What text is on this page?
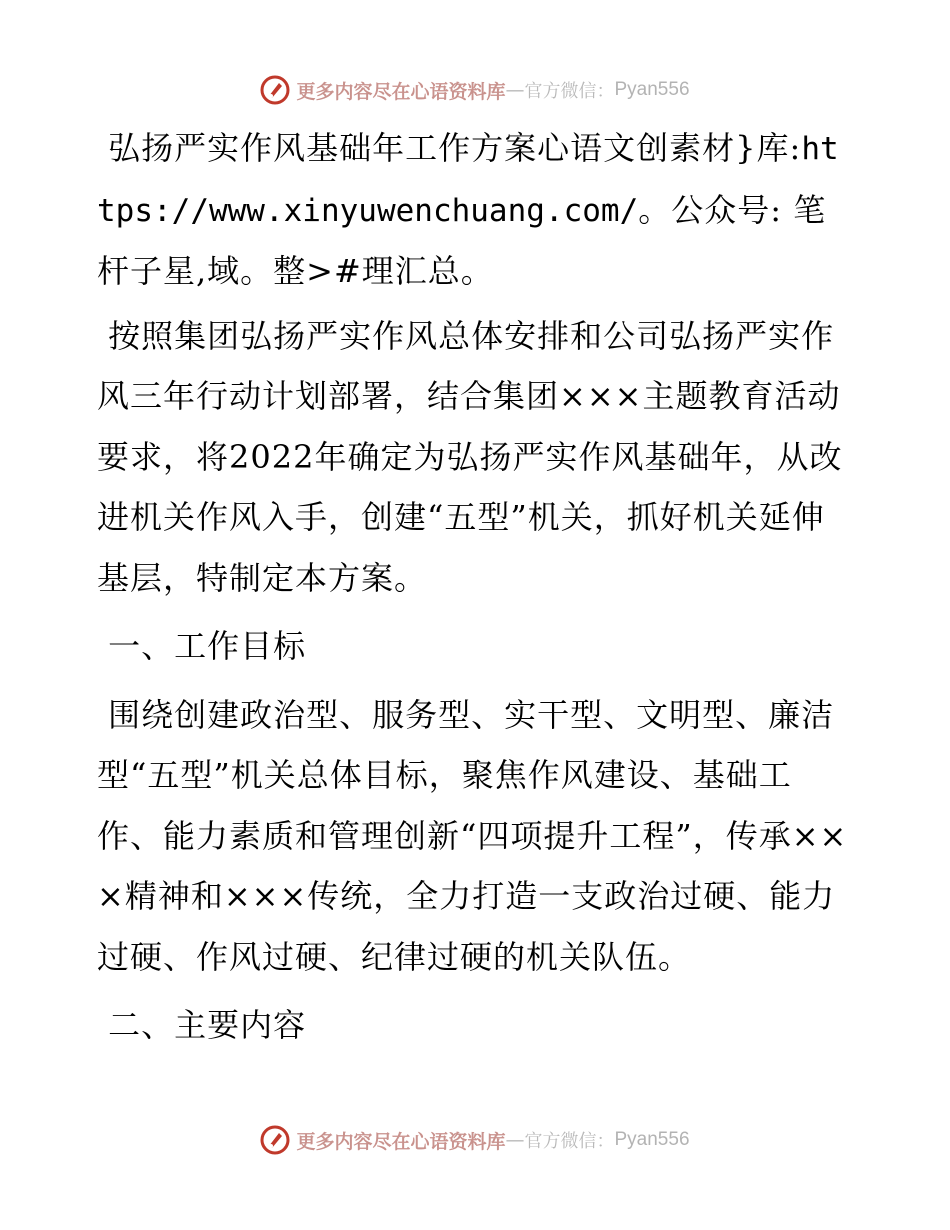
更多内容尽在心语资料库 — 官方微信： Pyan556

弘扬严实作风基础年工作方案心语文创素材}库:https://www.xinyuwenchuang.com/。公众号: 笔杆子星,域。整>#理汇总。

按照集团弘扬严实作风总体安排和公司弘扬严实作风三年行动计划部署，结合集团×××主题教育活动要求，将2022年确定为弘扬严实作风基础年，从改进机关作风入手，创建“五型”机关，抓好机关延伸基层，特制定本方案。

一、工作目标

围绕创建政治型、服务型、实干型、文明型、廉洁型“五型”机关总体目标，聚焦作风建设、基础工作、能力素质和管理创新“四项提升工程”，传承×××精神和×××传统，全力打造一支政治过硬、能力过硬、作风过硬、纪律过硬的机关队伍。

二、主要内容

更多内容尽在心语资料库 — 官方微信： Pyan556
